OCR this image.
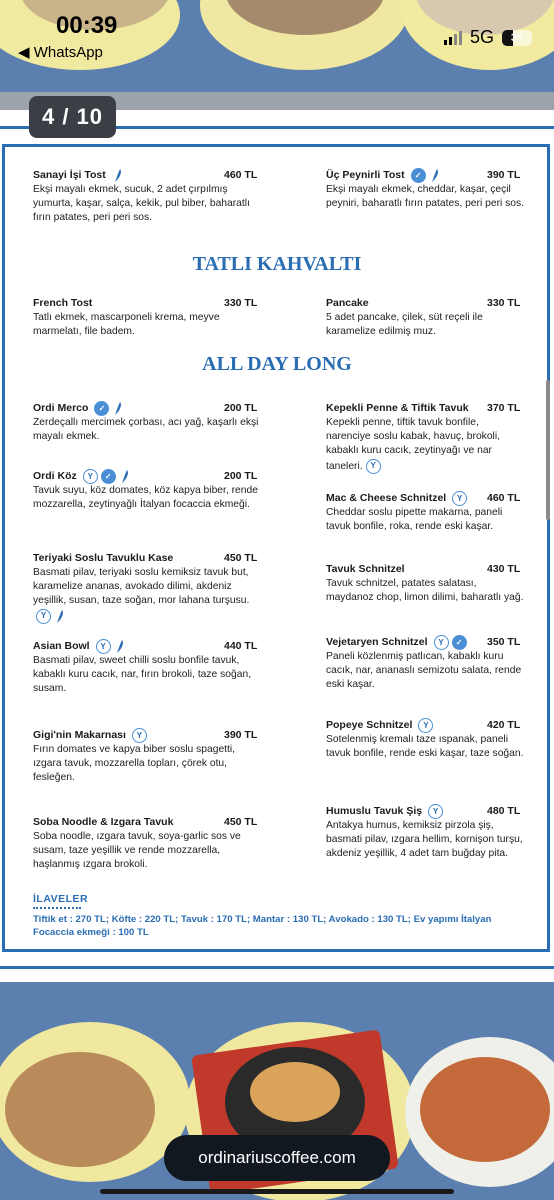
00:39
◀ WhatsApp
5G	35
4 / 10
Sanayi İşi Tost	460 TL
Ekşi mayalı ekmek, sucuk, 2 adet çırpılmış yumurta, kaşar, salça, kekik, pul biber, baharatlı fırın patates, peri peri sos.
Üç Peynirli Tost	✓	390 TL
Ekşi mayalı ekmek, cheddar, kaşar, çeçil peyniri, baharatlı fırın patates, peri peri sos.
TATLI KAHVALTI
French Tost	330 TL
Tatlı ekmek, mascarponeli krema, meyve marmelatı, file badem.
Pancake	330 TL
5 adet pancake, çilek, süt reçeli ile karamelize edilmiş muz.
ALL DAY LONG
Ordi Merco	✓	200 TL
Zerdeçallı mercimek çorbası, acı yağ, kaşarlı ekşi mayalı ekmek.
Ordi Köz	Y	✓	200 TL
Tavuk suyu, köz domates, köz kapya biber, rende mozzarella, zeytinyağlı İtalyan focaccia ekmeği.
Teriyaki Soslu Tavuklu Kase	450 TL
Basmati pilav, teriyaki soslu kemiksiz tavuk but, karamelize ananas, avokado dilimi, akdeniz yeşillik, susan, taze soğan, mor lahana turşusu.
Y
Asian Bowl	Y	440 TL
Basmati pilav, sweet chilli soslu bonfile tavuk, kabaklı kuru cacık, nar, fırın brokoli, taze soğan, susam.
Gigi'nin Makarnası	Y	390 TL
Fırın domates ve kapya biber soslu spagetti, ızgara tavuk, mozzarella topları, çörek otu, fesleğen.
Soba Noodle & Izgara Tavuk	450 TL
Soba noodle, ızgara tavuk, soya-garlic sos ve susam, taze yeşillik ve rende mozzarella, haşlanmış ızgara brokoli.
Kepekli Penne & Tiftik Tavuk 370 TL
Kepekli penne, tiftik tavuk bonfile, narenciye soslu kabak, havuç, brokoli, kabaklı kuru cacık, zeytinyağı ve nar taneleri. Y
Mac & Cheese Schnitzel	Y	460 TL
Cheddar soslu pipette makarna, paneli tavuk bonfile, roka, rende eski kaşar.
Tavuk Schnitzel	430 TL
Tavuk schnitzel, patates salatası, maydanoz chop, limon dilimi, baharatlı yağ.
Vejetaryen Schnitzel	Y	✓	350 TL
Paneli közlenmiş patlıcan, kabaklı kuru cacık, nar, ananaslı semizotu salata, rende eski kaşar.
Popeye Schnitzel	Y	420 TL
Sotelenmiş kremalı taze ıspanak, paneli tavuk bonfile, rende eski kaşar, taze soğan.
Humuslu Tavuk Şiş	Y	480 TL
Antakya humus, kemiksiz pirzola şiş, basmati pilav, ızgara hellim, kornişon turşu, akdeniz yeşillik, 4 adet tam buğday pita.
İLAVELER
Tiftik et : 270 TL; Köfte : 220 TL; Tavuk : 170 TL; Mantar : 130 TL; Avokado : 130 TL; Ev yapımı İtalyan Focaccia ekmeği : 100 TL
ordinariuscoffee.com
